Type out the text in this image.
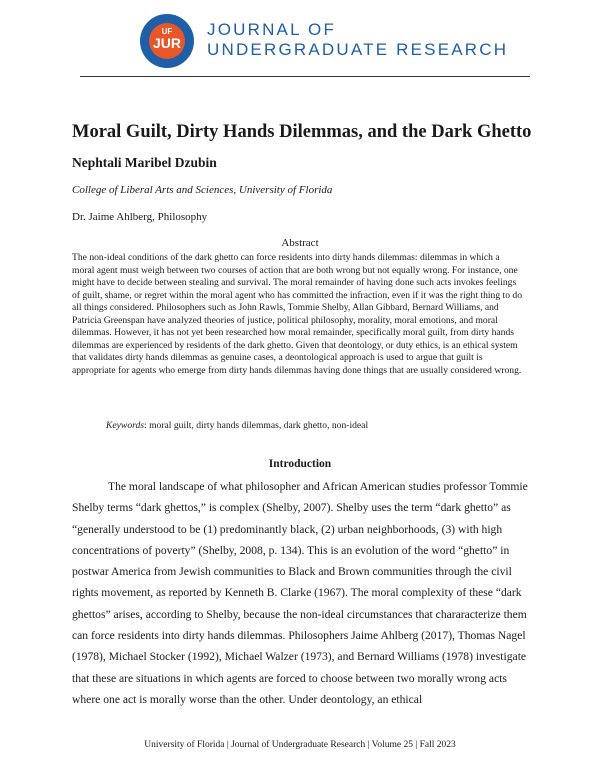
University of Florida
UF
JUR
JOURNAL OF
UNDERGRADUATE RESEARCH
Moral Guilt, Dirty Hands Dilemmas, and the Dark Ghetto
Nephtali Maribel Dzubin
College of Liberal Arts and Sciences, University of Florida
Dr. Jaime Ahlberg, Philosophy
Abstract

The non-ideal conditions of the dark ghetto can force residents into dirty hands dilemmas: dilemmas in which a moral agent must weigh between two courses of action that are both wrong but not equally wrong. For instance, one might have to decide between stealing and survival. The moral remainder of having done such acts invokes feelings of guilt, shame, or regret within the moral agent who has committed the infraction, even if it was the right thing to do all things considered. Philosophers such as John Rawls, Tommie Shelby, Allan Gibbard, Bernard Williams, and Patricia Greenspan have analyzed theories of justice, political philosophy, morality, moral emotions, and moral dilemmas. However, it has not yet been researched how moral remainder, specifically moral guilt, from dirty hands dilemmas are experienced by residents of the dark ghetto. Given that deontology, or duty ethics, is an ethical system that validates dirty hands dilemmas as genuine cases, a deontological approach is used to argue that guilt is appropriate for agents who emerge from dirty hands dilemmas having done things that are usually considered wrong.

Keywords: moral guilt, dirty hands dilemmas, dark ghetto, non-ideal
Introduction

The moral landscape of what philosopher and African American studies professor Tommie Shelby terms “dark ghettos,” is complex (Shelby, 2007). Shelby uses the term “dark ghetto” as “generally understood to be (1) predominantly black, (2) urban neighborhoods, (3) with high concentrations of poverty” (Shelby, 2008, p. 134). This is an evolution of the word “ghetto” in postwar America from Jewish communities to Black and Brown communities through the civil rights movement, as reported by Kenneth B. Clarke (1967). The moral complexity of these “dark ghettos” arises, according to Shelby, because the non-ideal circumstances that chararacterize them can force residents into dirty hands dilemmas. Philosophers Jaime Ahlberg (2017), Thomas Nagel (1978), Michael Stocker (1992), Michael Walzer (1973), and Bernard Williams (1978) investigate that these are situations in which agents are forced to choose between two morally wrong acts where one act is morally worse than the other. Under deontology, an ethical

University of Florida | Journal of Undergraduate Research | Volume 25 | Fall 2023
